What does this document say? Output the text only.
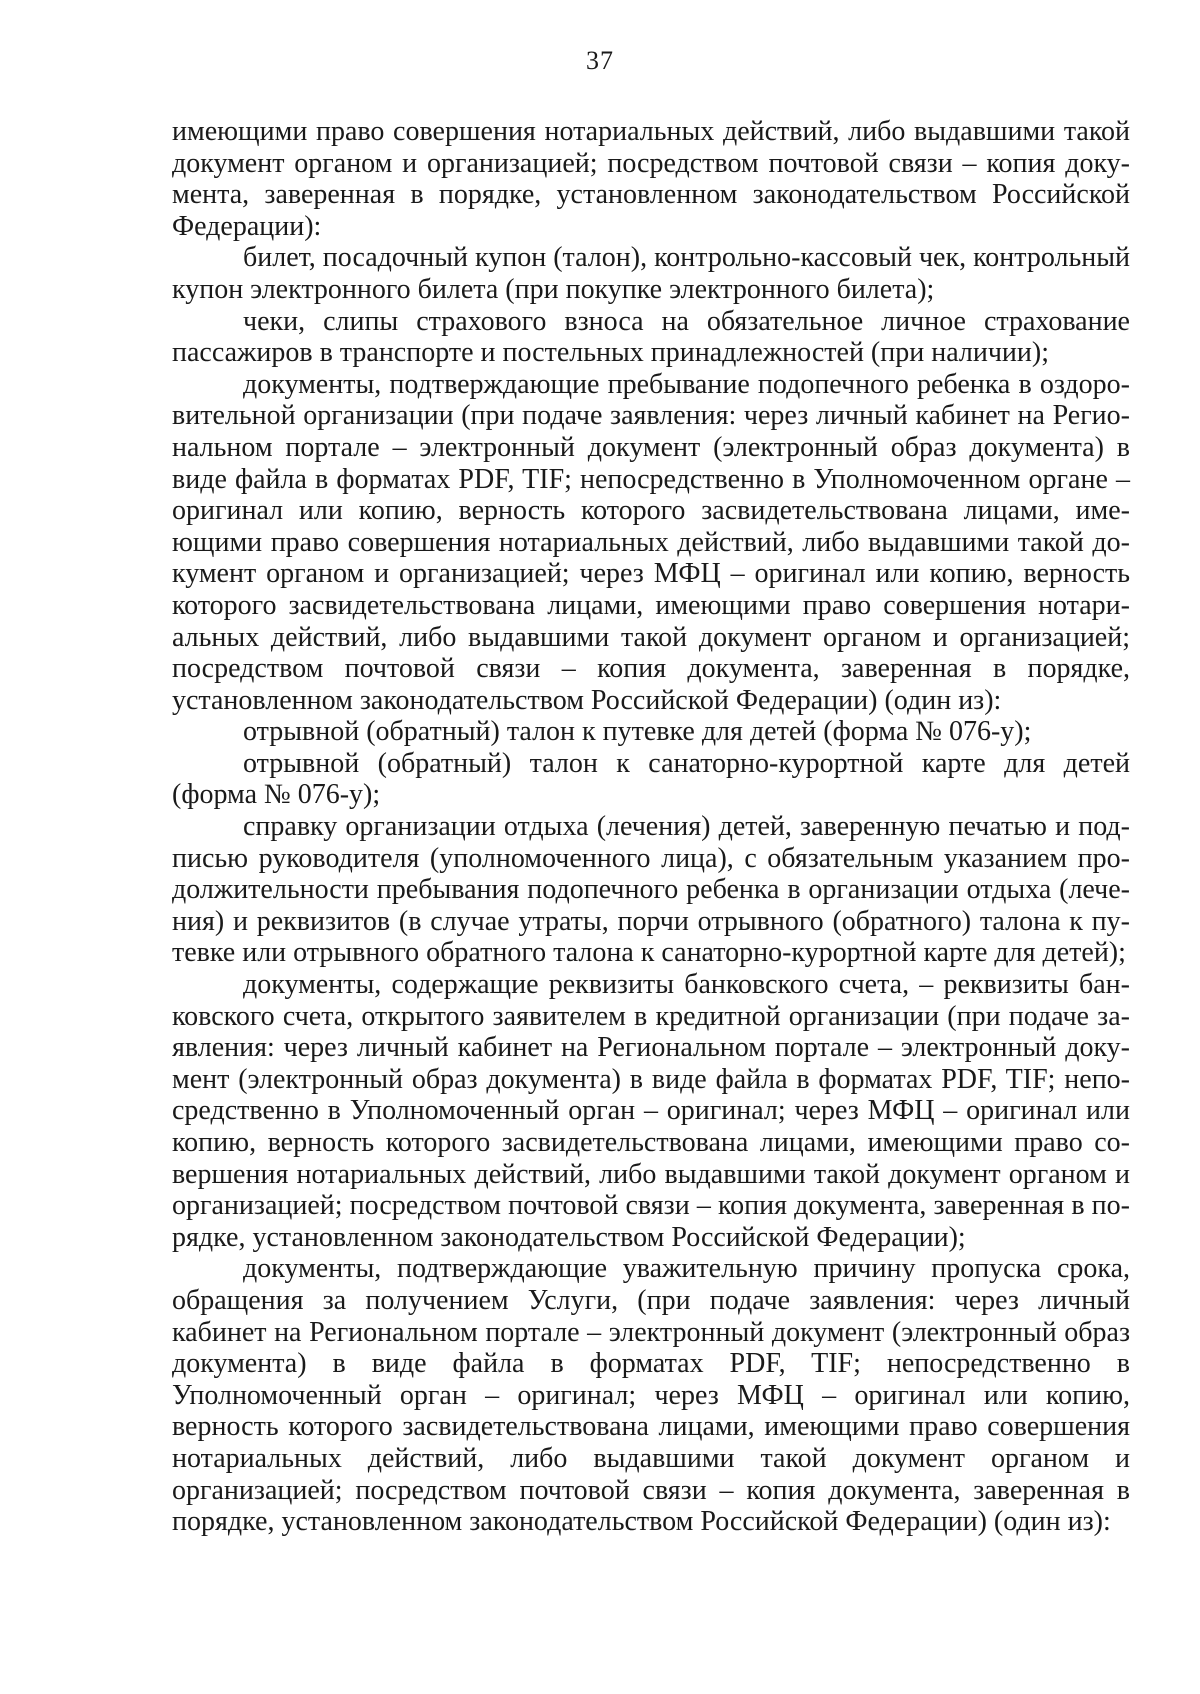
37

имеющими право совершения нотариальных действий, либо выдавшими такой документ органом и организацией; посредством почтовой связи – копия документа, заверенная в порядке, установленном законодательством Российской Федерации):

билет, посадочный купон (талон), контрольно-кассовый чек, контрольный купон электронного билета (при покупке электронного билета);

чеки, слипы страхового взноса на обязательное личное страхование пассажиров в транспорте и постельных принадлежностей (при наличии);

документы, подтверждающие пребывание подопечного ребенка в оздоровительной организации (при подаче заявления: через личный кабинет на Региональном портале – электронный документ (электронный образ документа) в виде файла в форматах PDF, TIF; непосредственно в Уполномоченном органе – оригинал или копию, верность которого засвидетельствована лицами, имеющими право совершения нотариальных действий, либо выдавшими такой документ органом и организацией; через МФЦ – оригинал или копию, верность которого засвидетельствована лицами, имеющими право совершения нотариальных действий, либо выдавшими такой документ органом и организацией; посредством почтовой связи – копия документа, заверенная в порядке, установленном законодательством Российской Федерации) (один из):

отрывной (обратный) талон к путевке для детей (форма № 076-у);

отрывной (обратный) талон к санаторно-курортной карте для детей (форма № 076-у);

справку организации отдыха (лечения) детей, заверенную печатью и подписью руководителя (уполномоченного лица), с обязательным указанием продолжительности пребывания подопечного ребенка в организации отдыха (лечения) и реквизитов (в случае утраты, порчи отрывного (обратного) талона к путевке или отрывного обратного талона к санаторно-курортной карте для детей);

документы, содержащие реквизиты банковского счета, – реквизиты банковского счета, открытого заявителем в кредитной организации (при подаче заявления: через личный кабинет на Региональном портале – электронный документ (электронный образ документа) в виде файла в форматах PDF, TIF; непосредственно в Уполномоченный орган – оригинал; через МФЦ – оригинал или копию, верность которого засвидетельствована лицами, имеющими право совершения нотариальных действий, либо выдавшими такой документ органом и организацией; посредством почтовой связи – копия документа, заверенная в порядке, установленном законодательством Российской Федерации);

документы, подтверждающие уважительную причину пропуска срока, обращения за получением Услуги, (при подаче заявления: через личный кабинет на Региональном портале – электронный документ (электронный образ документа) в виде файла в форматах PDF, TIF; непосредственно в Уполномоченный орган – оригинал; через МФЦ – оригинал или копию, верность которого засвидетельствована лицами, имеющими право совершения нотариальных действий, либо выдавшими такой документ органом и организацией; посредством почтовой связи – копия документа, заверенная в порядке, установленном законодательством Российской Федерации) (один из):
